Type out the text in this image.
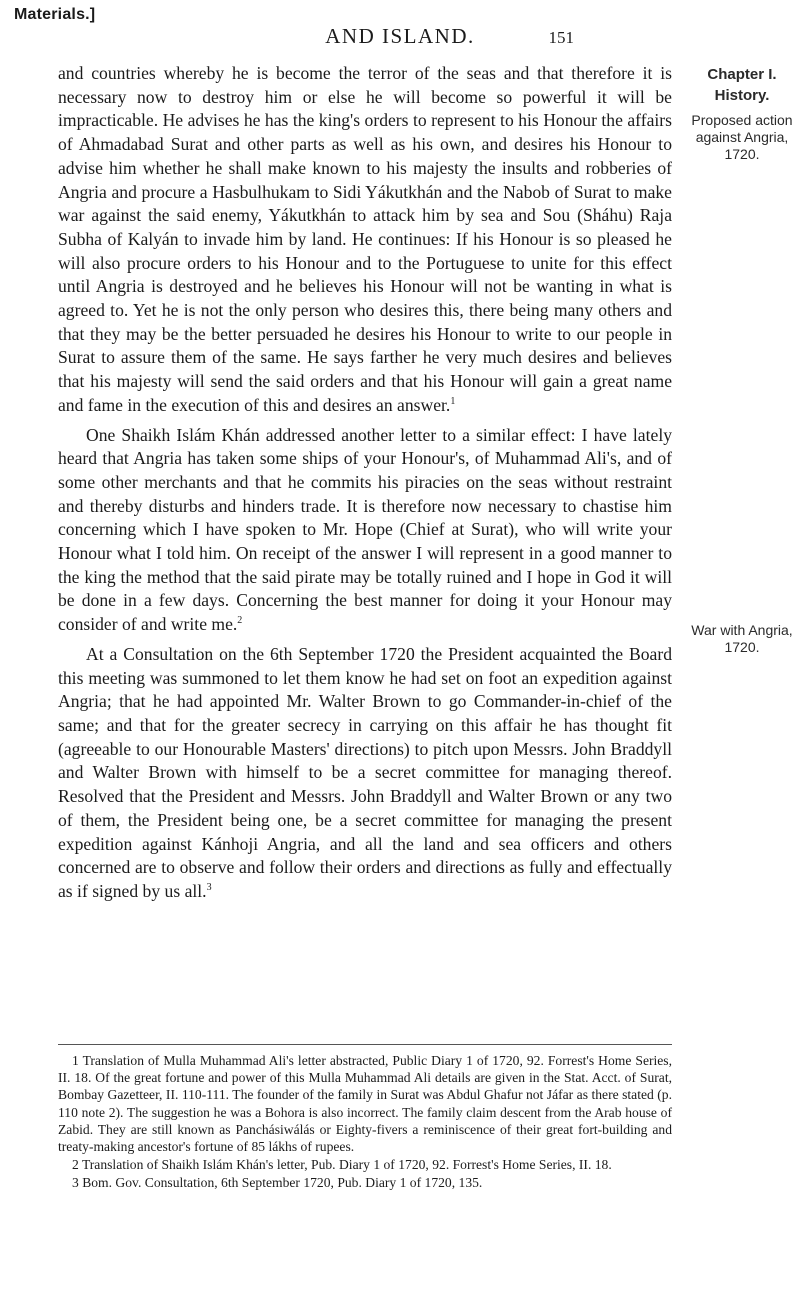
Materials.]
AND ISLAND.	151

and countries whereby he is become the terror of the seas and that therefore it is necessary now to destroy him or else he will become so powerful it will be impracticable. He advises he has the king's orders to represent to his Honour the affairs of Ahmadabad Surat and other parts as well as his own, and desires his Honour to advise him whether he shall make known to his majesty the insults and robberies of Angria and procure a Hasbulhukam to Sidi Yákutkhán and the Nabob of Surat to make war against the said enemy, Yákutkhán to attack him by sea and Sou (Sháhu) Raja Subha of Kalyán to invade him by land. He continues: If his Honour is so pleased he will also procure orders to his Honour and to the Portuguese to unite for this effect until Angria is destroyed and he believes his Honour will not be wanting in what is agreed to. Yet he is not the only person who desires this, there being many others and that they may be the better persuaded he desires his Honour to write to our people in Surat to assure them of the same. He says farther he very much desires and believes that his majesty will send the said orders and that his Honour will gain a great name and fame in the execution of this and desires an answer.$^1$

One Shaikh Islám Khán addressed another letter to a similar effect: I have lately heard that Angria has taken some ships of your Honour's, of Muhammad Ali's, and of some other merchants and that he commits his piracies on the seas without restraint and thereby disturbs and hinders trade. It is therefore now necessary to chastise him concerning which I have spoken to Mr. Hope (Chief at Surat), who will write your Honour what I told him. On receipt of the answer I will represent in a good manner to the king the method that the said pirate may be totally ruined and I hope in God it will be done in a few days. Concerning the best manner for doing it your Honour may consider of and write me.$^2$

At a Consultation on the 6th September 1720 the President acquainted the Board this meeting was summoned to let them know he had set on foot an expedition against Angria; that he had appointed Mr. Walter Brown to go Commander-in-chief of the same; and that for the greater secrecy in carrying on this affair he has thought fit (agreeable to our Honourable Masters' directions) to pitch upon Messrs. John Braddyll and Walter Brown with himself to be a secret committee for managing thereof. Resolved that the President and Messrs. John Braddyll and Walter Brown or any two of them, the President being one, be a secret committee for managing the present expedition against Kánhoji Angria, and all the land and sea officers and others concerned are to observe and follow their orders and directions as fully and effectually as if signed by us all.$^3$

Chapter I.
History.
Proposed action against Angria, 1720.
War with Angria, 1720.

1 Translation of Mulla Muhammad Ali's letter abstracted, Public Diary 1 of 1720, 92. Forrest's Home Series, II. 18. Of the great fortune and power of this Mulla Muhammad Ali details are given in the Stat. Acct. of Surat, Bombay Gazetteer, II. 110-111. The founder of the family in Surat was Abdul Ghafur not Jáfar as there stated (p. 110 note 2). The suggestion he was a Bohora is also incorrect. The family claim descent from the Arab house of Zabid. They are still known as Panchásiwálás or Eighty-fivers a reminiscence of their great fort-building and treaty-making ancestor's fortune of 85 lákhs of rupees.

2 Translation of Shaikh Islám Khán's letter, Pub. Diary 1 of 1720, 92. Forrest's Home Series, II. 18.

3 Bom. Gov. Consultation, 6th September 1720, Pub. Diary 1 of 1720, 135.
